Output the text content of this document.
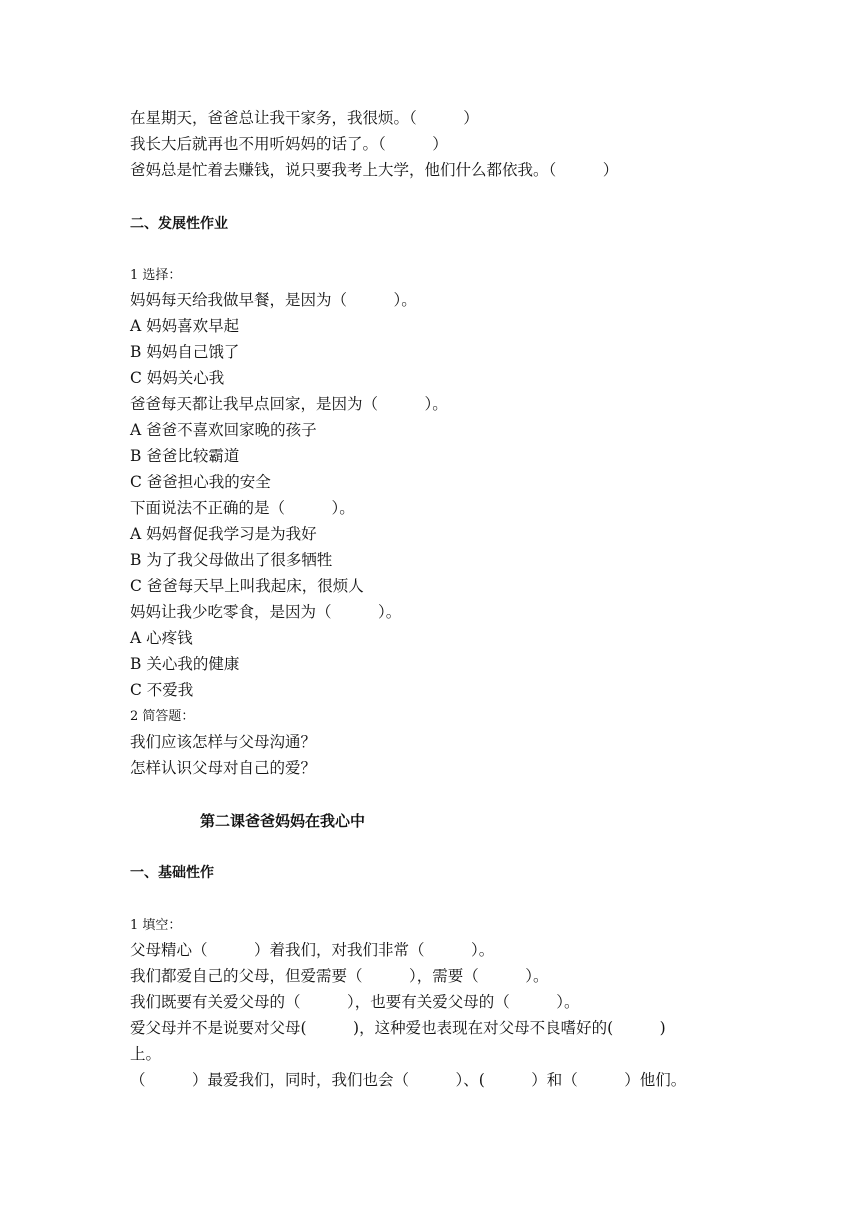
在星期天，爸爸总让我干家务，我很烦。（　　　）
我长大后就再也不用听妈妈的话了。（　　　）
爸妈总是忙着去赚钱，说只要我考上大学，他们什么都依我。（　　　）
二、发展性作业
1 选择：
妈妈每天给我做早餐，是因为（　　　）。
A 妈妈喜欢早起
B 妈妈自己饿了
C 妈妈关心我
爸爸每天都让我早点回家，是因为（　　　）。
A 爸爸不喜欢回家晚的孩子
B 爸爸比较霸道
C 爸爸担心我的安全
下面说法不正确的是（　　　）。
A 妈妈督促我学习是为我好
B 为了我父母做出了很多牺牲
C 爸爸每天早上叫我起床，很烦人
妈妈让我少吃零食，是因为（　　　）。
A 心疼钱
B 关心我的健康
C 不爱我
2 简答题：
我们应该怎样与父母沟通？
怎样认识父母对自己的爱？
第二课爸爸妈妈在我心中
一、基础性作
1 填空：
父母精心（　　　）着我们，对我们非常（　　　）。
我们都爱自己的父母，但爱需要（　　　），需要（　　　）。
我们既要有关爱父母的（　　　），也要有关爱父母的（　　　）。
爱父母并不是说要对父母(　　　)，这种爱也表现在对父母不良嗜好的(　　　)
上。
（　　　）最爱我们，同时，我们也会（　　　）、(　　　）和（　　　）他们。
